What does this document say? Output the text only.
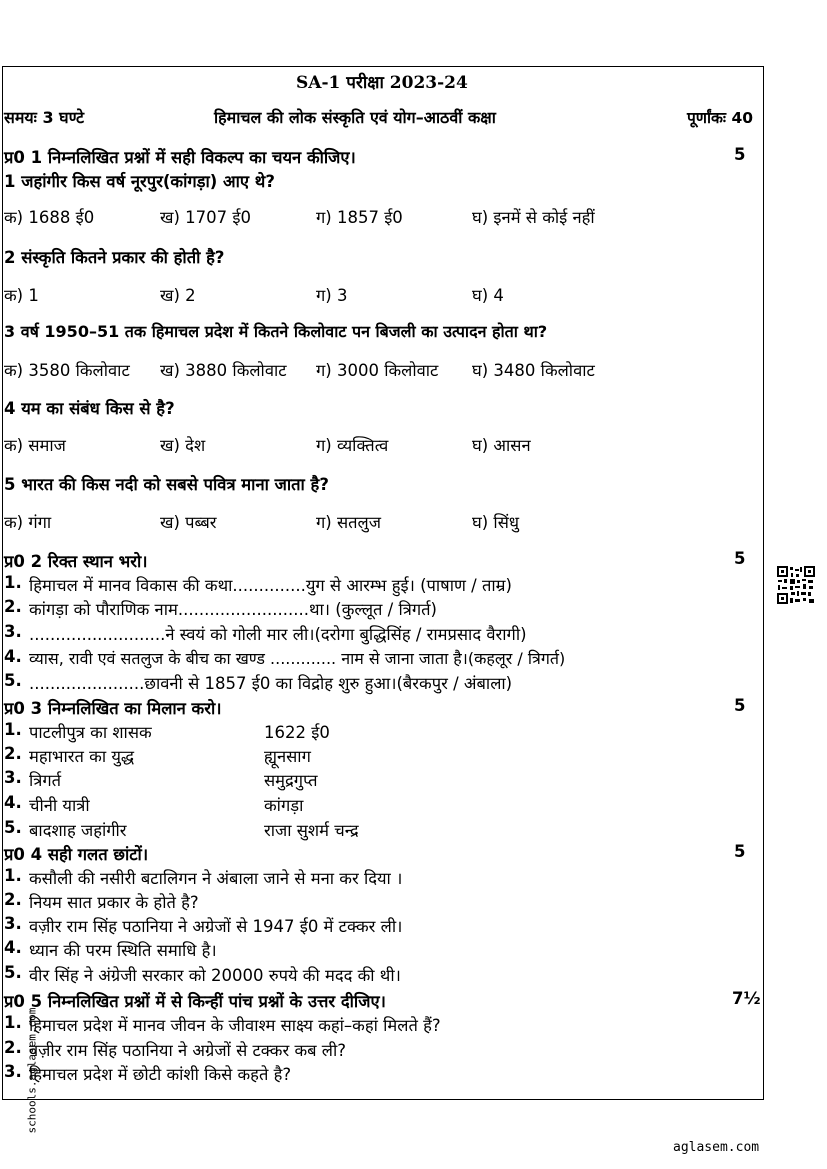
SA-1 परीक्षा 2023-24
समयः 3 घण्टे	हिमाचल की लोक संस्कृति एवं योग–आठवीं कक्षा	पूर्णांकः 40
प्र0 1 निम्नलिखित प्रश्नों में सही विकल्प का चयन कीजिए।	5
1 जहांगीर किस वर्ष नूरपुर(कांगड़ा) आए थे?
क) 1688 ई0	ख) 1707 ई0	ग) 1857 ई0	घ) इनमें से कोई नहीं
2 संस्कृति कितने प्रकार की होती है?
क) 1	ख) 2	ग) 3	घ) 4
3 वर्ष 1950–51 तक हिमाचल प्रदेश में कितने किलोवाट पन बिजली का उत्पादन होता था?
क) 3580 किलोवाट ख) 3880 किलोवाट ग) 3000 किलोवाट घ) 3480 किलोवाट
4 यम का संबंध किस से है?
क) समाज	ख) देश	ग) व्यक्तित्व	घ) आसन
5 भारत की किस नदी को सबसे पवित्र माना जाता है?
क) गंगा	ख) पब्बर	ग) सतलुज	घ) सिंधु
प्र0 2 रिक्त स्थान भरो।	5
1. हिमाचल में मानव विकास की कथा..............युग से आरम्भ हुई। (पाषाण / ताम्र)
2. कांगड़ा को पौराणिक नाम.........................था। (कुल्लूत / त्रिगर्त)
3. ..........................ने स्वयं को गोली मार ली।(दरोगा बुद्धिसिंह / रामप्रसाद वैरागी)
4. व्यास, रावी एवं सतलुज के बीच का खण्ड ............. नाम से जाना जाता है।(कहलूर / त्रिगर्त)
5. ......................छावनी से 1857 ई0 का विद्रोह शुरु हुआ।(बैरकपुर / अंबाला)
प्र0 3 निम्नलिखित का मिलान करो।	5
1. पाटलीपुत्र का शासक	1622 ई0
2. महाभारत का युद्ध	ह्यूनसाग
3. त्रिगर्त	समुद्रगुप्त
4. चीनी यात्री	कांगड़ा
5. बादशाह जहांगीर	राजा सुशर्म चन्द्र
प्र0 4 सही गलत छांटों।	5
1. कसौली की नसीरी बटालिगन ने अंबाला जाने से मना कर दिया ।
2. नियम सात प्रकार के होते है?
3. वज़ीर राम सिंह पठानिया ने अग्रेजों से 1947 ई0 में टक्कर ली।
4. ध्यान की परम स्थिति समाधि है।
5. वीर सिंह ने अंग्रेजी सरकार को 20000 रुपये की मदद की थी।
प्र0 5 निम्नलिखित प्रश्नों में से किन्हीं पांच प्रश्नों के उत्तर दीजिए।	7½
1. हिमाचल प्रदेश में मानव जीवन के जीवाश्म साक्ष्य कहां–कहां मिलते हैं?
2. वज़ीर राम सिंह पठानिया ने अग्रेजों से टक्कर कब ली?
3. हिमाचल प्रदेश में छोटी कांशी किसे कहते है?
schools.aglasem.com
aglasem.com
